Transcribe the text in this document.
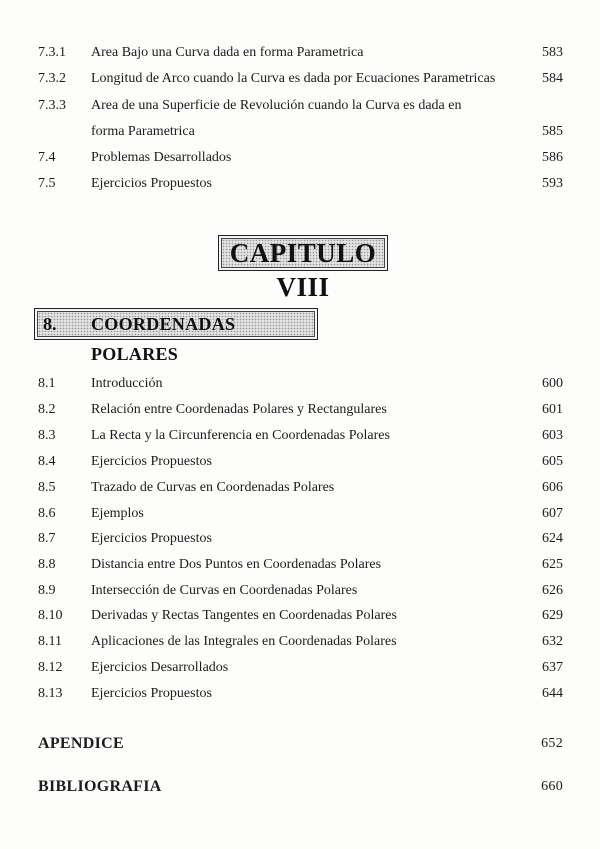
7.3.1 Area Bajo una Curva dada en forma Parametrica	583
7.3.2 Longitud de Arco cuando la Curva es dada por Ecuaciones Parametricas	584
7.3.3 Area de una Superficie de Revolución cuando la Curva es dada en
forma Parametrica	585
7.4	Problemas Desarrollados	586
7.5	Ejercicios Propuestos	593
CAPITULO VIII
8. COORDENADAS POLARES
8.1	Introducción	600
8.2	Relación entre Coordenadas Polares y Rectangulares	601
8.3	La Recta y la Circunferencia en Coordenadas Polares	603
8.4	Ejercicios Propuestos	605
8.5	Trazado de Curvas en Coordenadas Polares	606
8.6	Ejemplos	607
8.7	Ejercicios Propuestos	624
8.8	Distancia entre Dos Puntos en Coordenadas Polares	625
8.9	Intersección de Curvas en Coordenadas Polares	626
8.10 Derivadas y Rectas Tangentes en Coordenadas Polares	629
8.11 Aplicaciones de las Integrales en Coordenadas Polares	632
8.12 Ejercicios Desarrollados	637
8.13 Ejercicios Propuestos	644
APENDICE	652
BIBLIOGRAFIA	660
